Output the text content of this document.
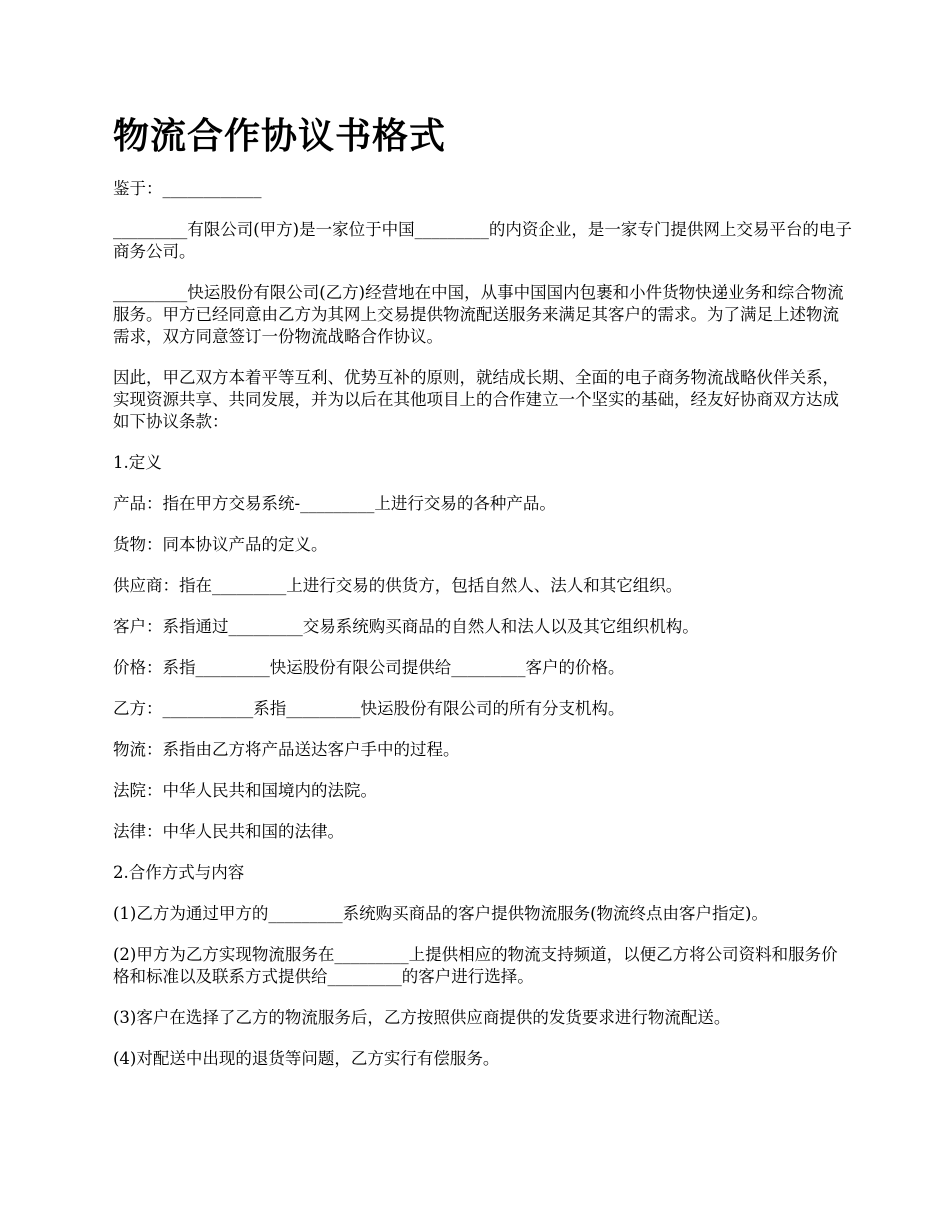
物流合作协议书格式

鉴于：____________

_________有限公司(甲方)是一家位于中国_________的内资企业，是一家专门提供网上交易平台的电子商务公司。

_________快运股份有限公司(乙方)经营地在中国，从事中国国内包裹和小件货物快递业务和综合物流服务。甲方已经同意由乙方为其网上交易提供物流配送服务来满足其客户的需求。为了满足上述物流需求，双方同意签订一份物流战略合作协议。

因此，甲乙双方本着平等互利、优势互补的原则，就结成长期、全面的电子商务物流战略伙伴关系，实现资源共享、共同发展，并为以后在其他项目上的合作建立一个坚实的基础，经友好协商双方达成如下协议条款：

1.定义

产品：指在甲方交易系统-_________上进行交易的各种产品。

货物：同本协议产品的定义。

供应商：指在_________上进行交易的供货方，包括自然人、法人和其它组织。

客户：系指通过_________交易系统购买商品的自然人和法人以及其它组织机构。

价格：系指_________快运股份有限公司提供给_________客户的价格。

乙方：___________系指_________快运股份有限公司的所有分支机构。

物流：系指由乙方将产品送达客户手中的过程。

法院：中华人民共和国境内的法院。

法律：中华人民共和国的法律。

2.合作方式与内容

(1)乙方为通过甲方的_________系统购买商品的客户提供物流服务(物流终点由客户指定)。

(2)甲方为乙方实现物流服务在_________上提供相应的物流支持频道，以便乙方将公司资料和服务价格和标准以及联系方式提供给_________的客户进行选择。

(3)客户在选择了乙方的物流服务后，乙方按照供应商提供的发货要求进行物流配送。

(4)对配送中出现的退货等问题，乙方实行有偿服务。
